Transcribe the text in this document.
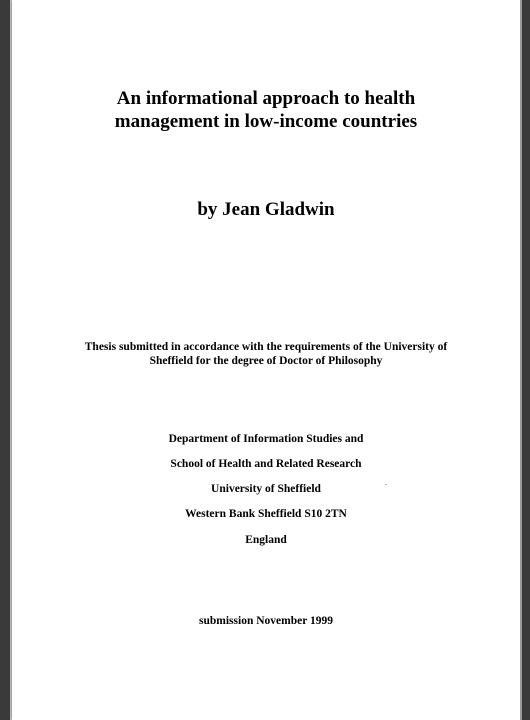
An informational approach to health
management in low-income countries
by Jean Gladwin
Thesis submitted in accordance with the requirements of the University of
Sheffield for the degree of Doctor of Philosophy
Department of Information Studies and
School of Health and Related Research
University of Sheffield
Western Bank Sheffield S10 2TN
England
submission November 1999
